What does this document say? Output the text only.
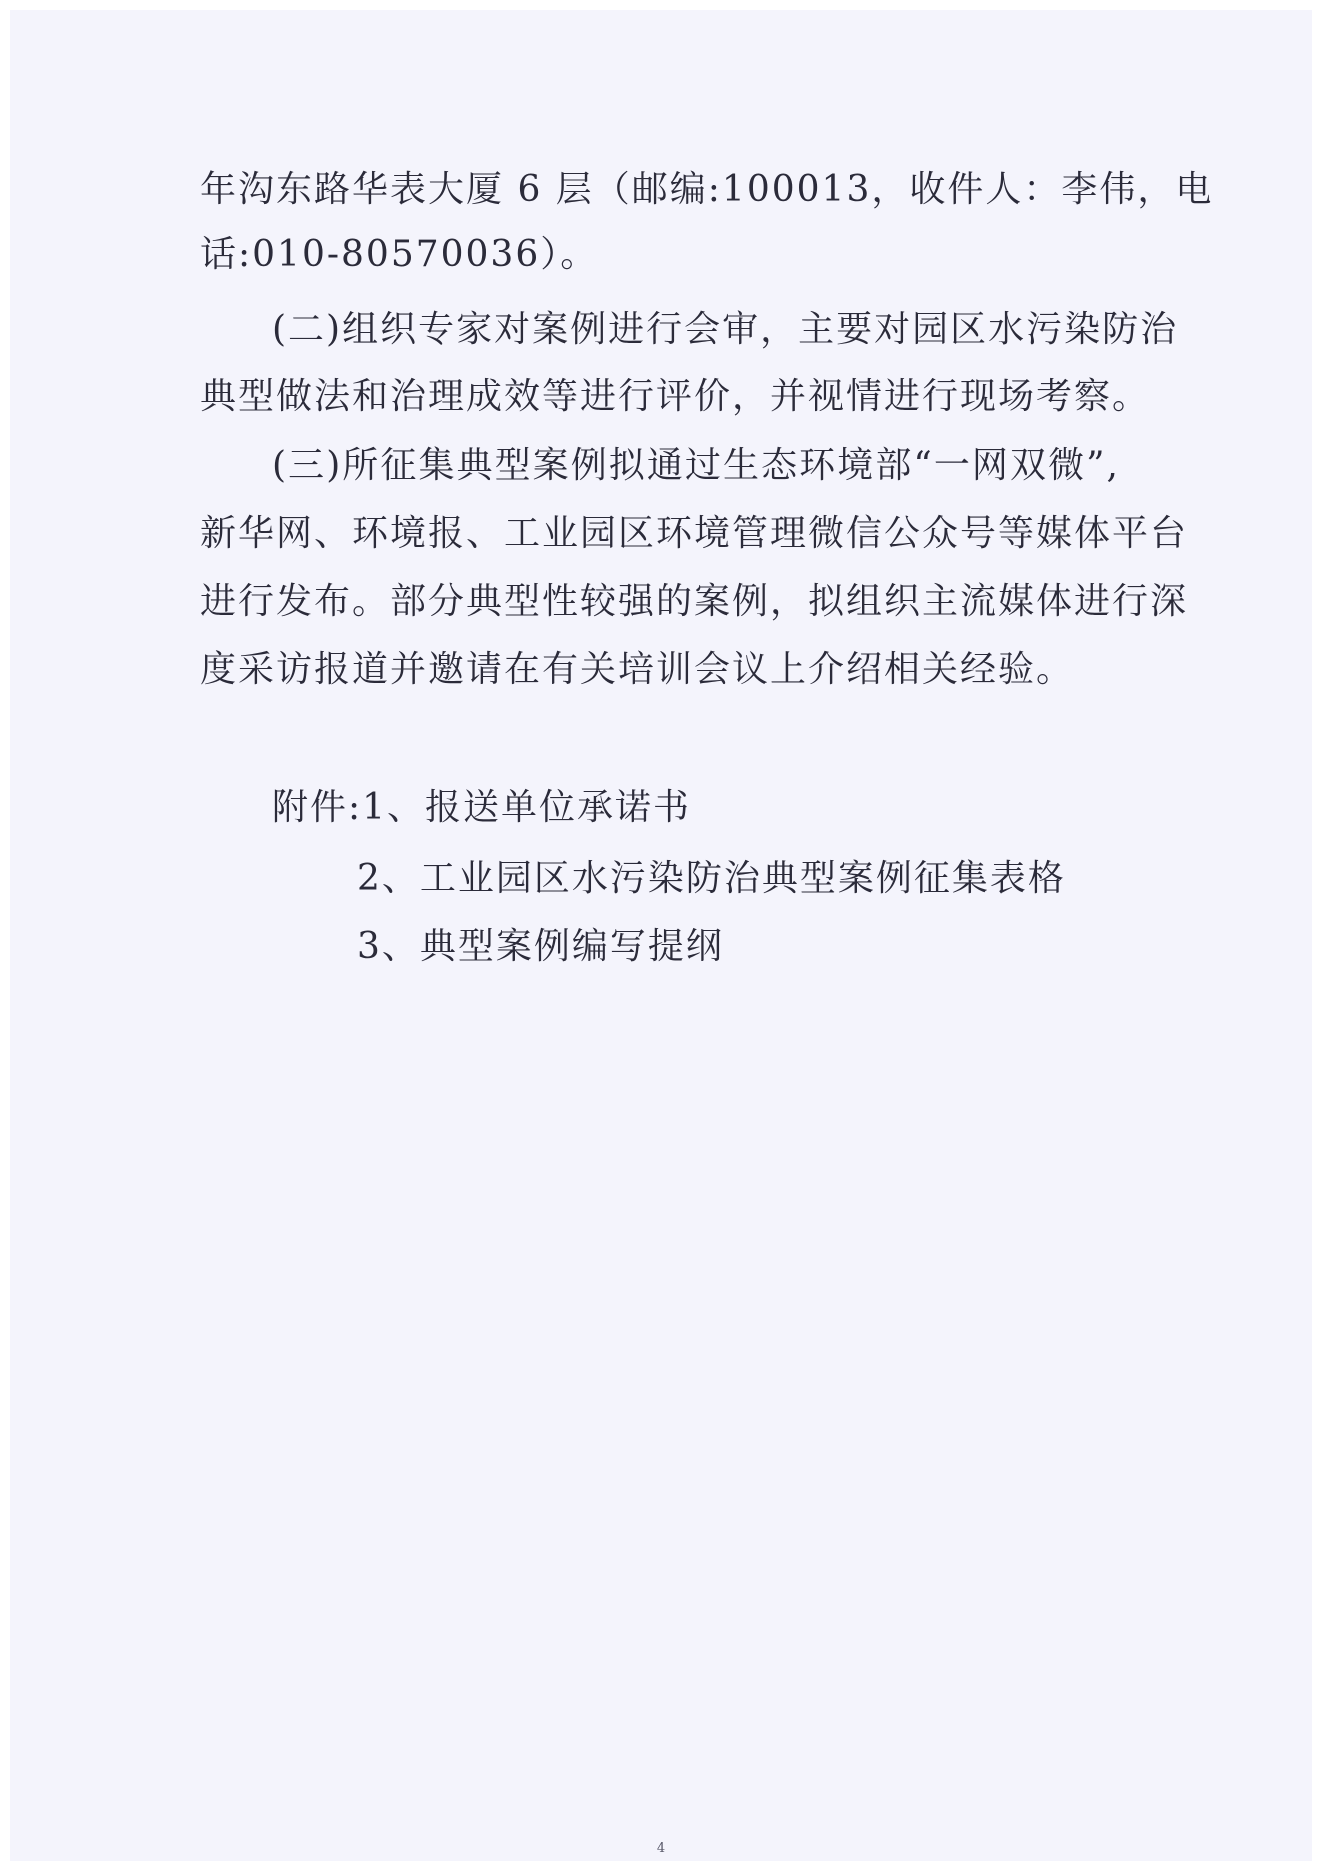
年沟东路华表大厦 6 层（邮编:100013，收件人：李伟，电
话:010-80570036）。
(二)组织专家对案例进行会审，主要对园区水污染防治
典型做法和治理成效等进行评价，并视情进行现场考察。
(三)所征集典型案例拟通过生态环境部“一网双微”,
新华网、环境报、工业园区环境管理微信公众号等媒体平台
进行发布。部分典型性较强的案例，拟组织主流媒体进行深
度采访报道并邀请在有关培训会议上介绍相关经验。
附件:1、报送单位承诺书
2、工业园区水污染防治典型案例征集表格
3、典型案例编写提纲
4
